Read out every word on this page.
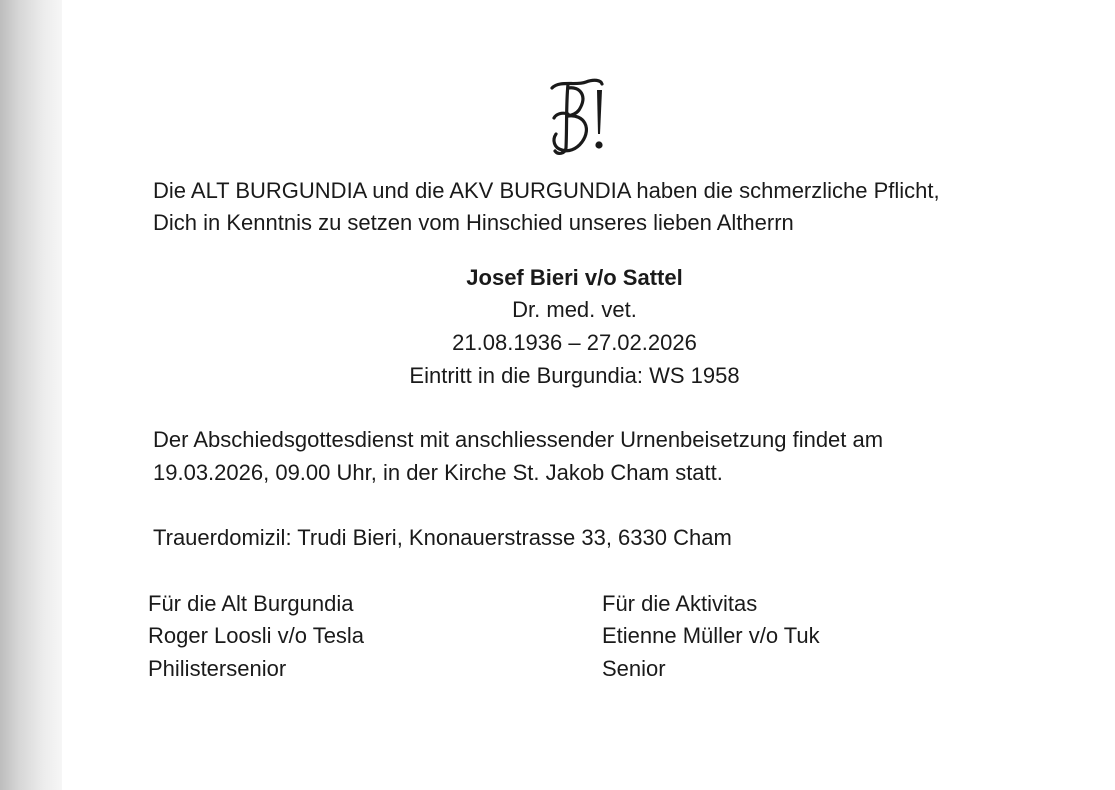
Die ALT BURGUNDIA und die AKV BURGUNDIA haben die schmerzliche Pflicht,
Dich in Kenntnis zu setzen vom Hinschied unseres lieben Altherrn
Josef Bieri v/o Sattel
Dr. med. vet.
21.08.1936 – 27.02.2026
Eintritt in die Burgundia: WS 1958
Der Abschiedsgottesdienst mit anschliessender Urnenbeisetzung findet am
19.03.2026, 09.00 Uhr, in der Kirche St. Jakob Cham statt.
Trauerdomizil: Trudi Bieri, Knonauerstrasse 33, 6330 Cham
Für die Alt Burgundia
Roger Loosli v/o Tesla
Philistersenior
Für die Aktivitas
Etienne Müller v/o Tuk
Senior
